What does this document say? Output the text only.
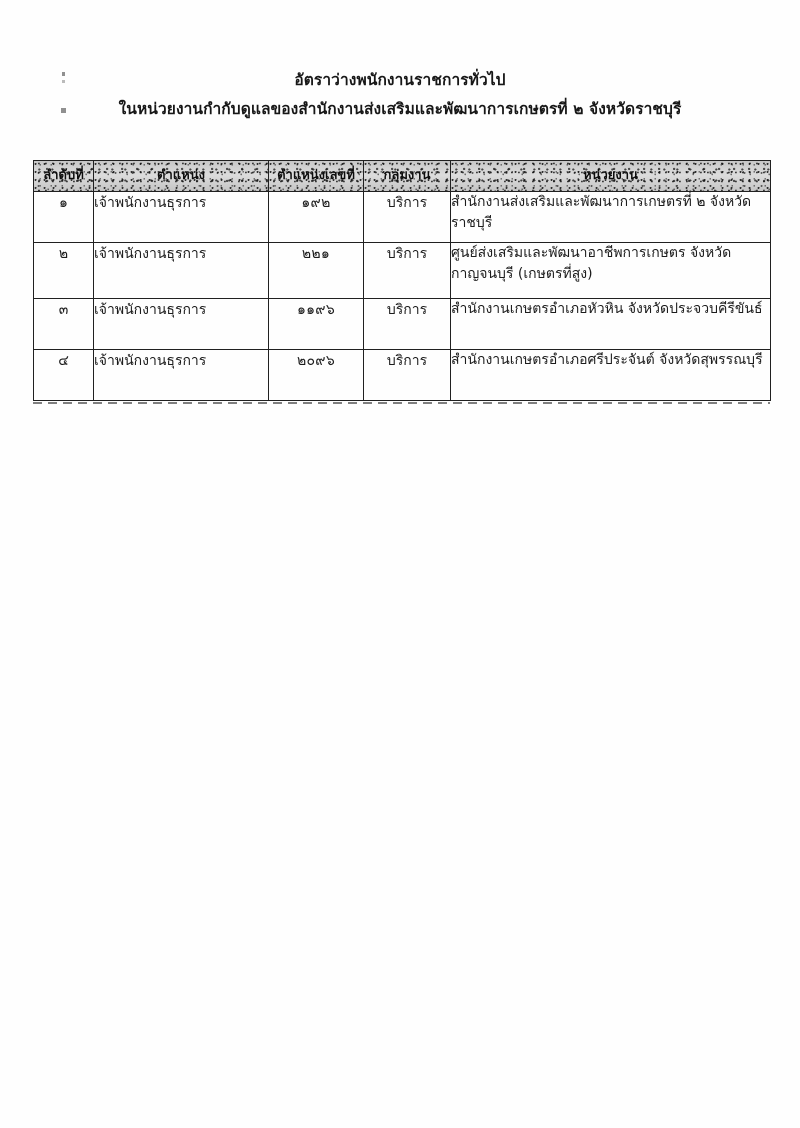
อัตราว่างพนักงานราชการทั่วไป
ในหน่วยงานกำกับดูแลของสำนักงานส่งเสริมและพัฒนาการเกษตรที่ ๒ จังหวัดราชบุรี
ลำดับที่	ตำแหน่ง	ตำแหน่งเลขที่	กลุ่มงาน	หน่วยงาน

๑	เจ้าพนักงานธุรการ	๑๙๒	บริการ	สำนักงานส่งเสริมและพัฒนาการเกษตรที่ ๒ จังหวัดราชบุรี
๒	เจ้าพนักงานธุรการ	๒๒๑	บริการ	ศูนย์ส่งเสริมและพัฒนาอาชีพการเกษตร จังหวัดกาญจนบุรี (เกษตรที่สูง)
๓	เจ้าพนักงานธุรการ	๑๑๙๖	บริการ	สำนักงานเกษตรอำเภอหัวหิน จังหวัดประจวบคีรีขันธ์
๔	เจ้าพนักงานธุรการ	๒๐๙๖	บริการ	สำนักงานเกษตรอำเภอศรีประจันต์ จังหวัดสุพรรณบุรี
